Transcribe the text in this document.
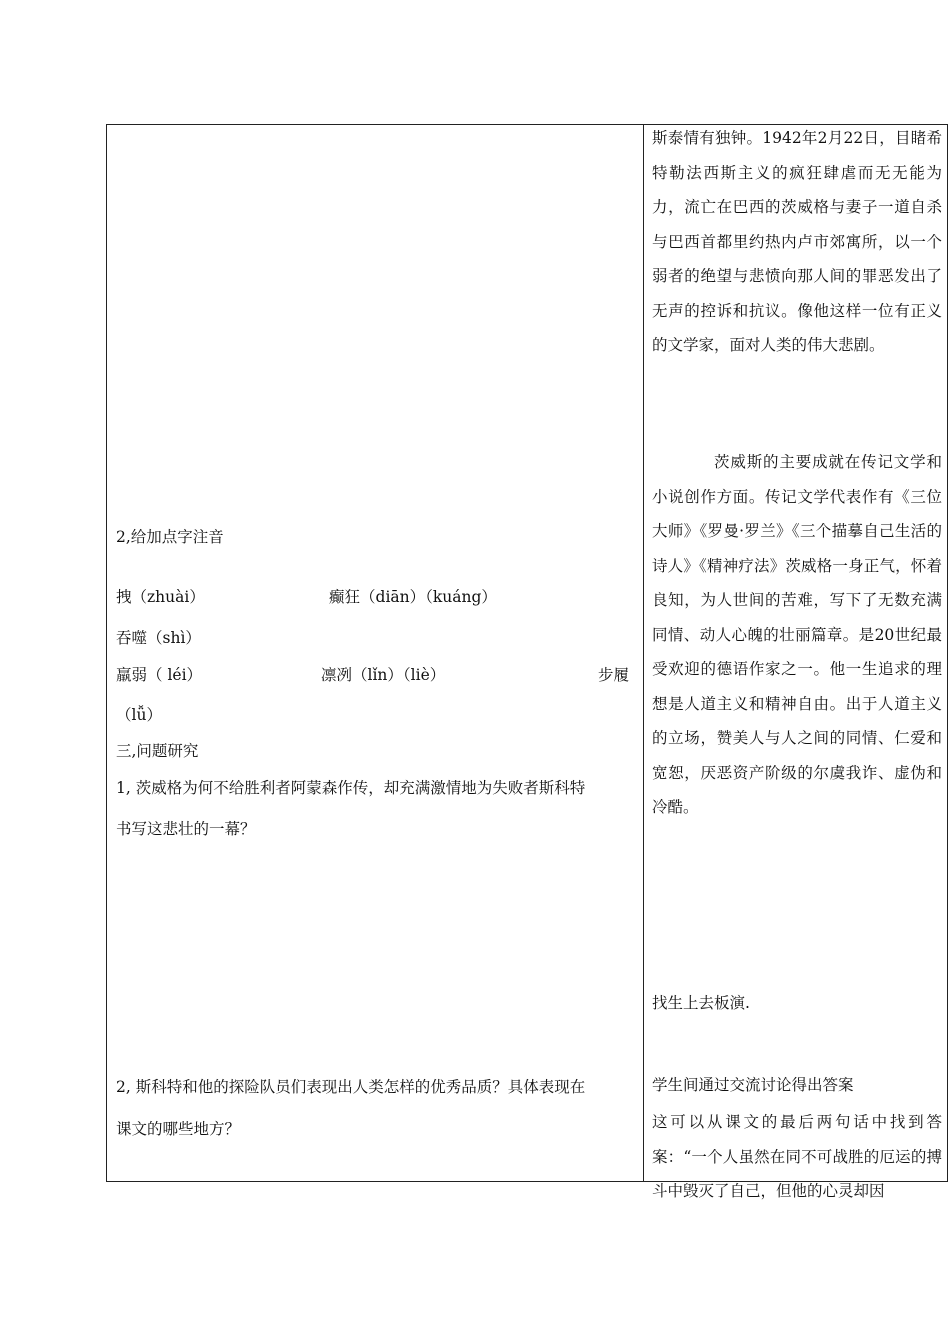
2,给加点字注音
拽（zhuài）	癫狂（diān）（kuáng）
吞噬（shì）
羸弱（ léi）	凛冽（lǐn）（liè）	步履
（lǚ）
三,问题研究
1, 茨威格为何不给胜利者阿蒙森作传，却充满激情地为失败者斯科特
书写这悲壮的一幕？
2, 斯科特和他的探险队员们表现出人类怎样的优秀品质？具体表现在
课文的哪些地方？
斯泰情有独钟。1942年2月22日，目睹希特勒法西斯主义的疯狂肆虐而无无能为力，流亡在巴西的茨威格与妻子一道自杀与巴西首都里约热内卢市郊寓所，以一个弱者的绝望与悲愤向那人间的罪恶发出了无声的控诉和抗议。像他这样一位有正义的文学家，面对人类的伟大悲剧。
茨威斯的主要成就在传记文学和小说创作方面。传记文学代表作有《三位大师》《罗曼·罗兰》《三个描摹自己生活的诗人》《精神疗法》茨威格一身正气，怀着良知，为人世间的苦难，写下了无数充满同情、动人心魄的壮丽篇章。是20世纪最受欢迎的德语作家之一。他一生追求的理想是人道主义和精神自由。出于人道主义的立场，赞美人与人之间的同情、仁爱和宽恕，厌恶资产阶级的尔虞我诈、虚伪和冷酷。
找生上去板演.
学生间通过交流讨论得出答案
这可以从课文的最后两句话中找到答案：“一个人虽然在同不可战胜的厄运的搏斗中毁灭了自己，但他的心灵却因
